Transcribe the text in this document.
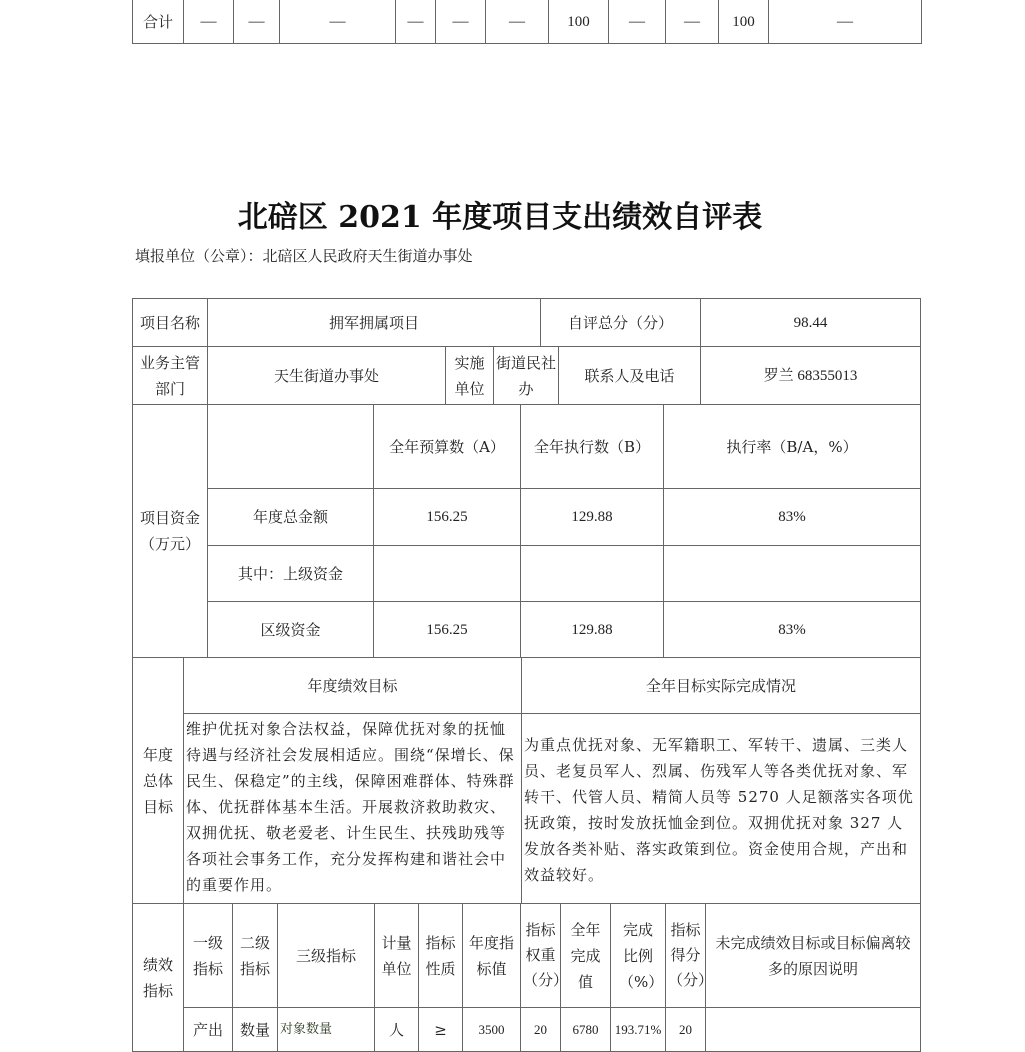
合计	—	—	—	—	—	—	100	—	—	100	—
北碚区 2021 年度项目支出绩效自评表
填报单位（公章）：北碚区人民政府天生街道办事处
项目名称	拥军拥属项目			自评总分（分）		98.44
业务主管部门	天生街道办事处	实施单位	街道民社办		联系人及电话	罗兰 68355013
项目资金（万元）		全年预算数（A）	全年执行数（B）	执行率（B/A，%）
	年度总金额	156.25	129.88	83%
	其中：上级资金			
	区级资金	156.25	129.88	83%
年度总体目标	年度绩效目标	全年目标实际完成情况
	维护优抚对象合法权益，保障优抚对象的抚恤待遇与经济社会发展相适应。围绕“保增长、保民生、保稳定”的主线，保障困难群体、特殊群体、优抚群体基本生活。开展救济救助救灾、双拥优抚、敬老爱老、计生民生、扶残助残等各项社会事务工作，充分发挥构建和谐社会中的重要作用。	为重点优抚对象、无军籍职工、军转干、遗属、三类人员、老复员军人、烈属、伤残军人等各类优抚对象、军转干、代管人员、精简人员等 5270 人足额落实各项优抚政策，按时发放抚恤金到位。双拥优抚对象 327 人发放各类补贴、落实政策到位。资金使用合规，产出和效益较好。
绩效指标	一级指标	二级指标	三级指标	计量单位	指标性质	年度指标值	指标权重（分）	全年完成值	完成比例（%）	指标得分（分）	未完成绩效目标或目标偏离较多的原因说明
	产出	数量	对象数量	人	≥	3500	20	6780	193.71%	20	
